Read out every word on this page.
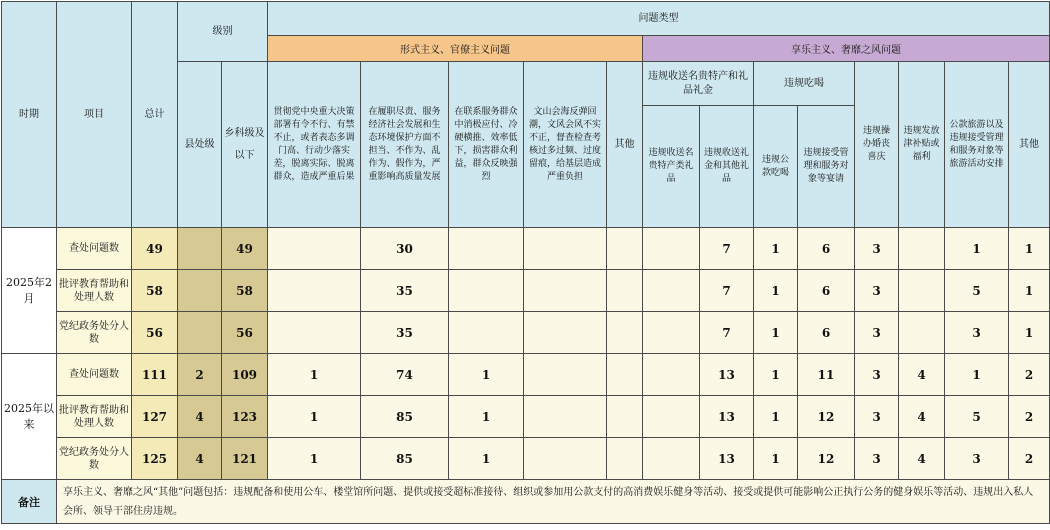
时期	项目	总计	级别		问题类型												
					形式主义、官僚主义问题					享乐主义、奢靡之风问题							
			县处级	乡科级及以下	贯彻党中央重大决策部署有令不行、有禁不止，或者表态多调门高、行动少落实差，脱离实际、脱离群众，造成严重后果	在履职尽责、服务经济社会发展和生态环境保护方面不担当、不作为、乱作为、假作为，严重影响高质量发展	在联系服务群众中消极应付、冷硬横推、效率低下，损害群众利益，群众反映强烈	文山会海反弹回潮，文风会风不实不正，督查检查考核过多过频、过度留痕，给基层造成严重负担	其他	违规收送名贵特产和礼品礼金		违规吃喝		违规操办婚丧喜庆	违规发放津补贴或福利	公款旅游以及违规接受管理和服务对象等旅游活动安排	其他
										违规收送名贵特产类礼品	违规收送礼金和其他礼品	违规公款吃喝	违规接受管理和服务对象等宴请				
2025年2月	查处问题数	49		49		30					7	1	6	3		1	1
	批评教育帮助和处理人数	58		58		35					7	1	6	3		5	1
	党纪政务处分人数	56		56		35					7	1	6	3		3	1
2025年以来	查处问题数	111	2	109	1	74	1				13	1	11	3	4	1	2
	批评教育帮助和处理人数	127	4	123	1	85	1				13	1	12	3	4	5	2
	党纪政务处分人数	125	4	121	1	85	1				13	1	12	3	4	3	2
备注	享乐主义、奢靡之风“其他”问题包括：违规配备和使用公车、楼堂馆所问题、提供或接受超标准接待、组织或参加用公款支付的高消费娱乐健身等活动、接受或提供可能影响公正执行公务的健身娱乐等活动、违规出入私人会所、领导干部住房违规。																
